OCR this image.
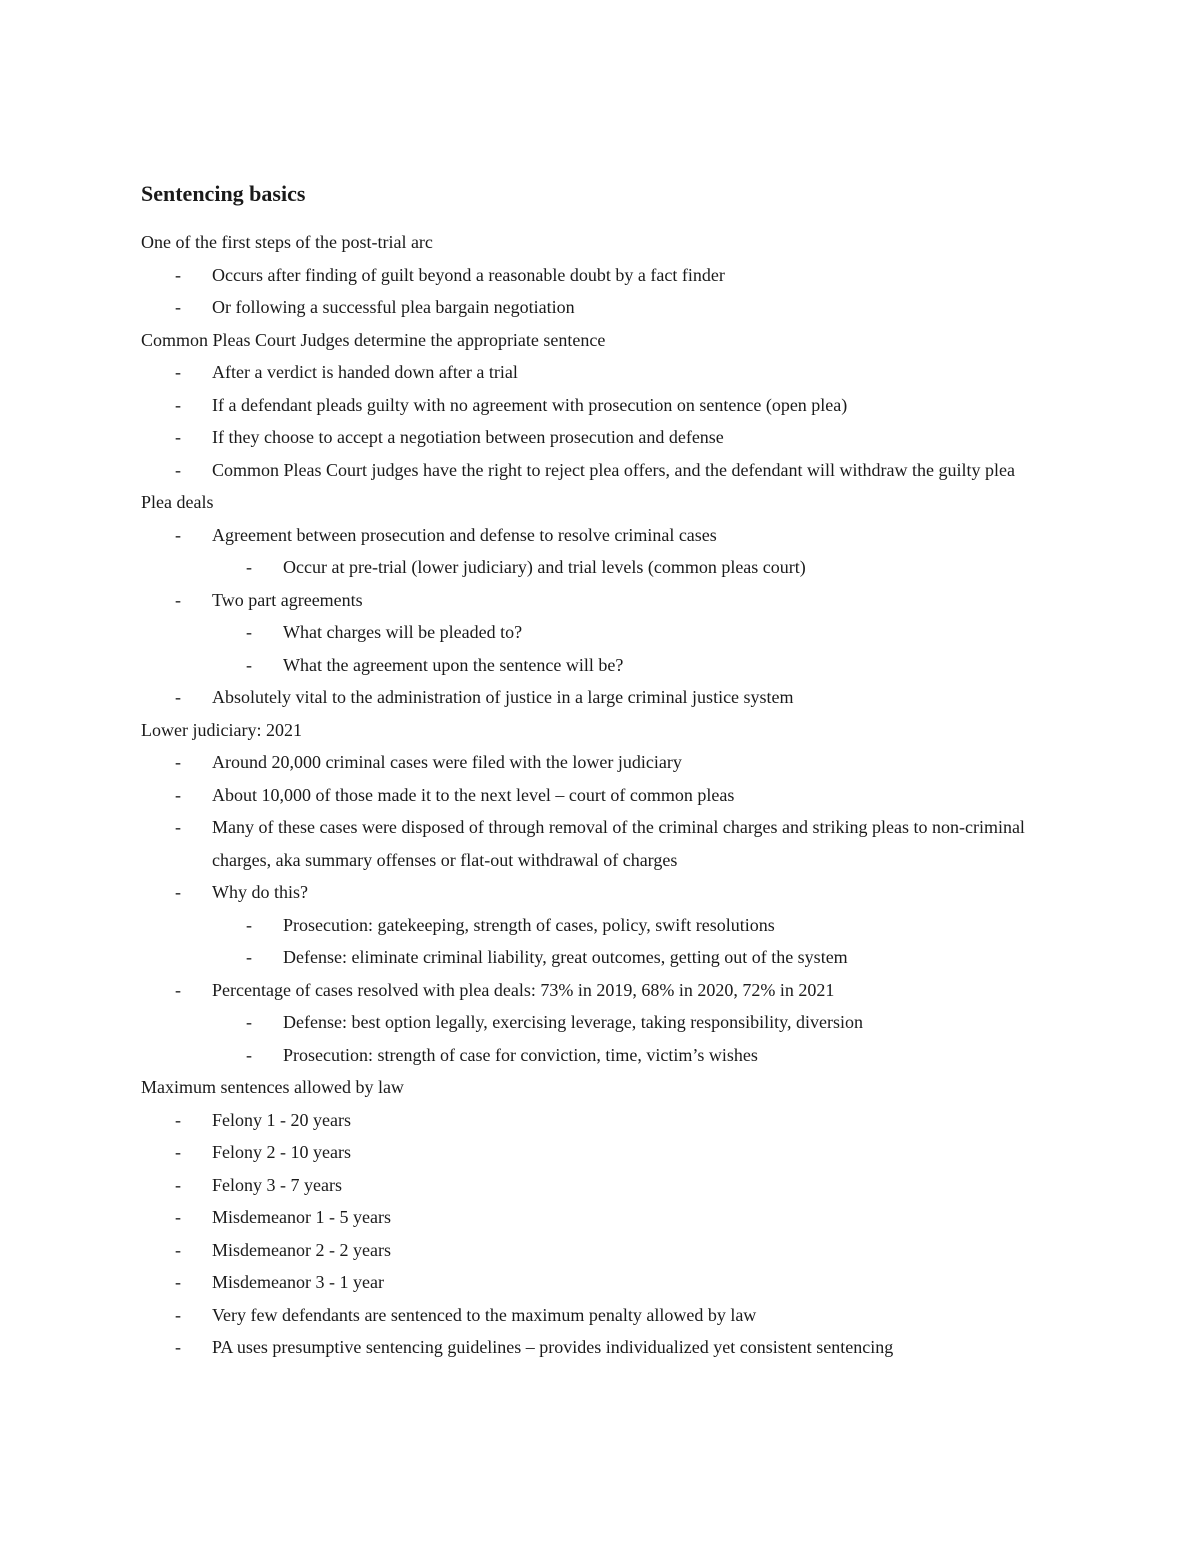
Sentencing basics
One of the first steps of the post-trial arc
- Occurs after finding of guilt beyond a reasonable doubt by a fact finder
- Or following a successful plea bargain negotiation
Common Pleas Court Judges determine the appropriate sentence
- After a verdict is handed down after a trial
- If a defendant pleads guilty with no agreement with prosecution on sentence (open plea)
- If they choose to accept a negotiation between prosecution and defense
- Common Pleas Court judges have the right to reject plea offers, and the defendant will withdraw the guilty plea
Plea deals
- Agreement between prosecution and defense to resolve criminal cases
- Occur at pre-trial (lower judiciary) and trial levels (common pleas court)
- Two part agreements
- What charges will be pleaded to?
- What the agreement upon the sentence will be?
- Absolutely vital to the administration of justice in a large criminal justice system
Lower judiciary: 2021
- Around 20,000 criminal cases were filed with the lower judiciary
- About 10,000 of those made it to the next level – court of common pleas
- Many of these cases were disposed of through removal of the criminal charges and striking pleas to non-criminal charges, aka summary offenses or flat-out withdrawal of charges
- Why do this?
- Prosecution: gatekeeping, strength of cases, policy, swift resolutions
- Defense: eliminate criminal liability, great outcomes, getting out of the system
- Percentage of cases resolved with plea deals: 73% in 2019, 68% in 2020, 72% in 2021
- Defense: best option legally, exercising leverage, taking responsibility, diversion
- Prosecution: strength of case for conviction, time, victim’s wishes
Maximum sentences allowed by law
- Felony 1 - 20 years
- Felony 2 - 10 years
- Felony 3 - 7 years
- Misdemeanor 1 - 5 years
- Misdemeanor 2 - 2 years
- Misdemeanor 3 - 1 year
- Very few defendants are sentenced to the maximum penalty allowed by law
- PA uses presumptive sentencing guidelines – provides individualized yet consistent sentencing
